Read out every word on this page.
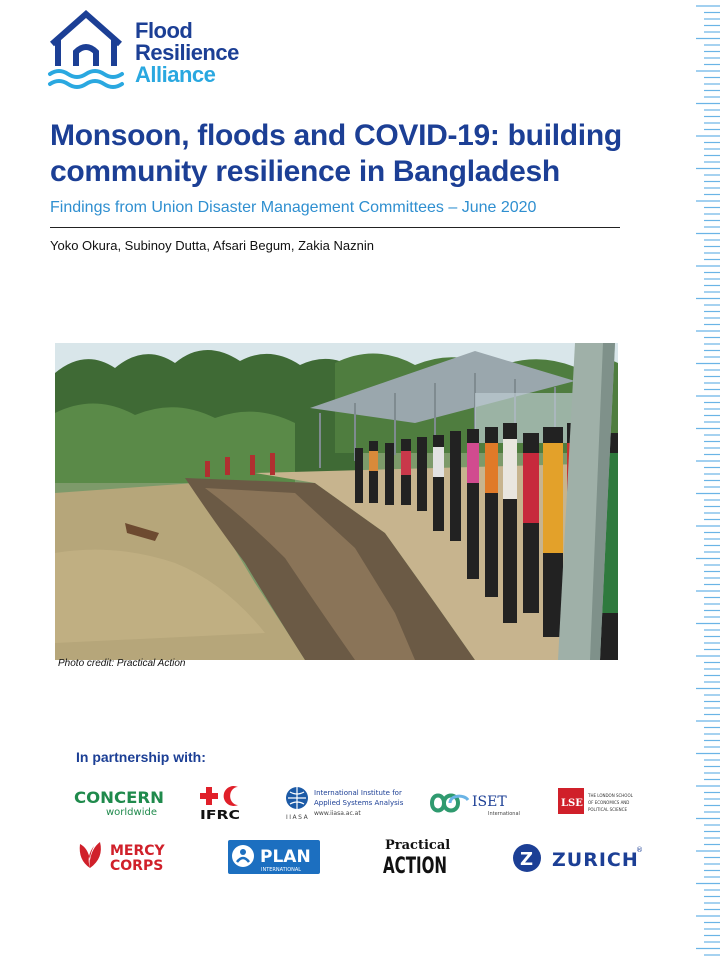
Flood
Resilience
Alliance
Monsoon, floods and COVID-19: building community resilience in Bangladesh

Findings from Union Disaster Management Committees – June 2020

Yoko Okura, Subinoy Dutta, Afsari Begum, Zakia Naznin

Photo credit: Practical Action
In partnership with:
CONCERN
worldwide	IFRC	IIASA
International Institute for
Applied Systems Analysis
www.iiasa.ac.at
ISET
International
LSE
THE LONDON SCHOOL
OF ECONOMICS AND
POLITICAL SCIENCE
MERCY
CORPS	PLAN
INTERNATIONAL
Practical
ACTION	Z ZURICH
®
